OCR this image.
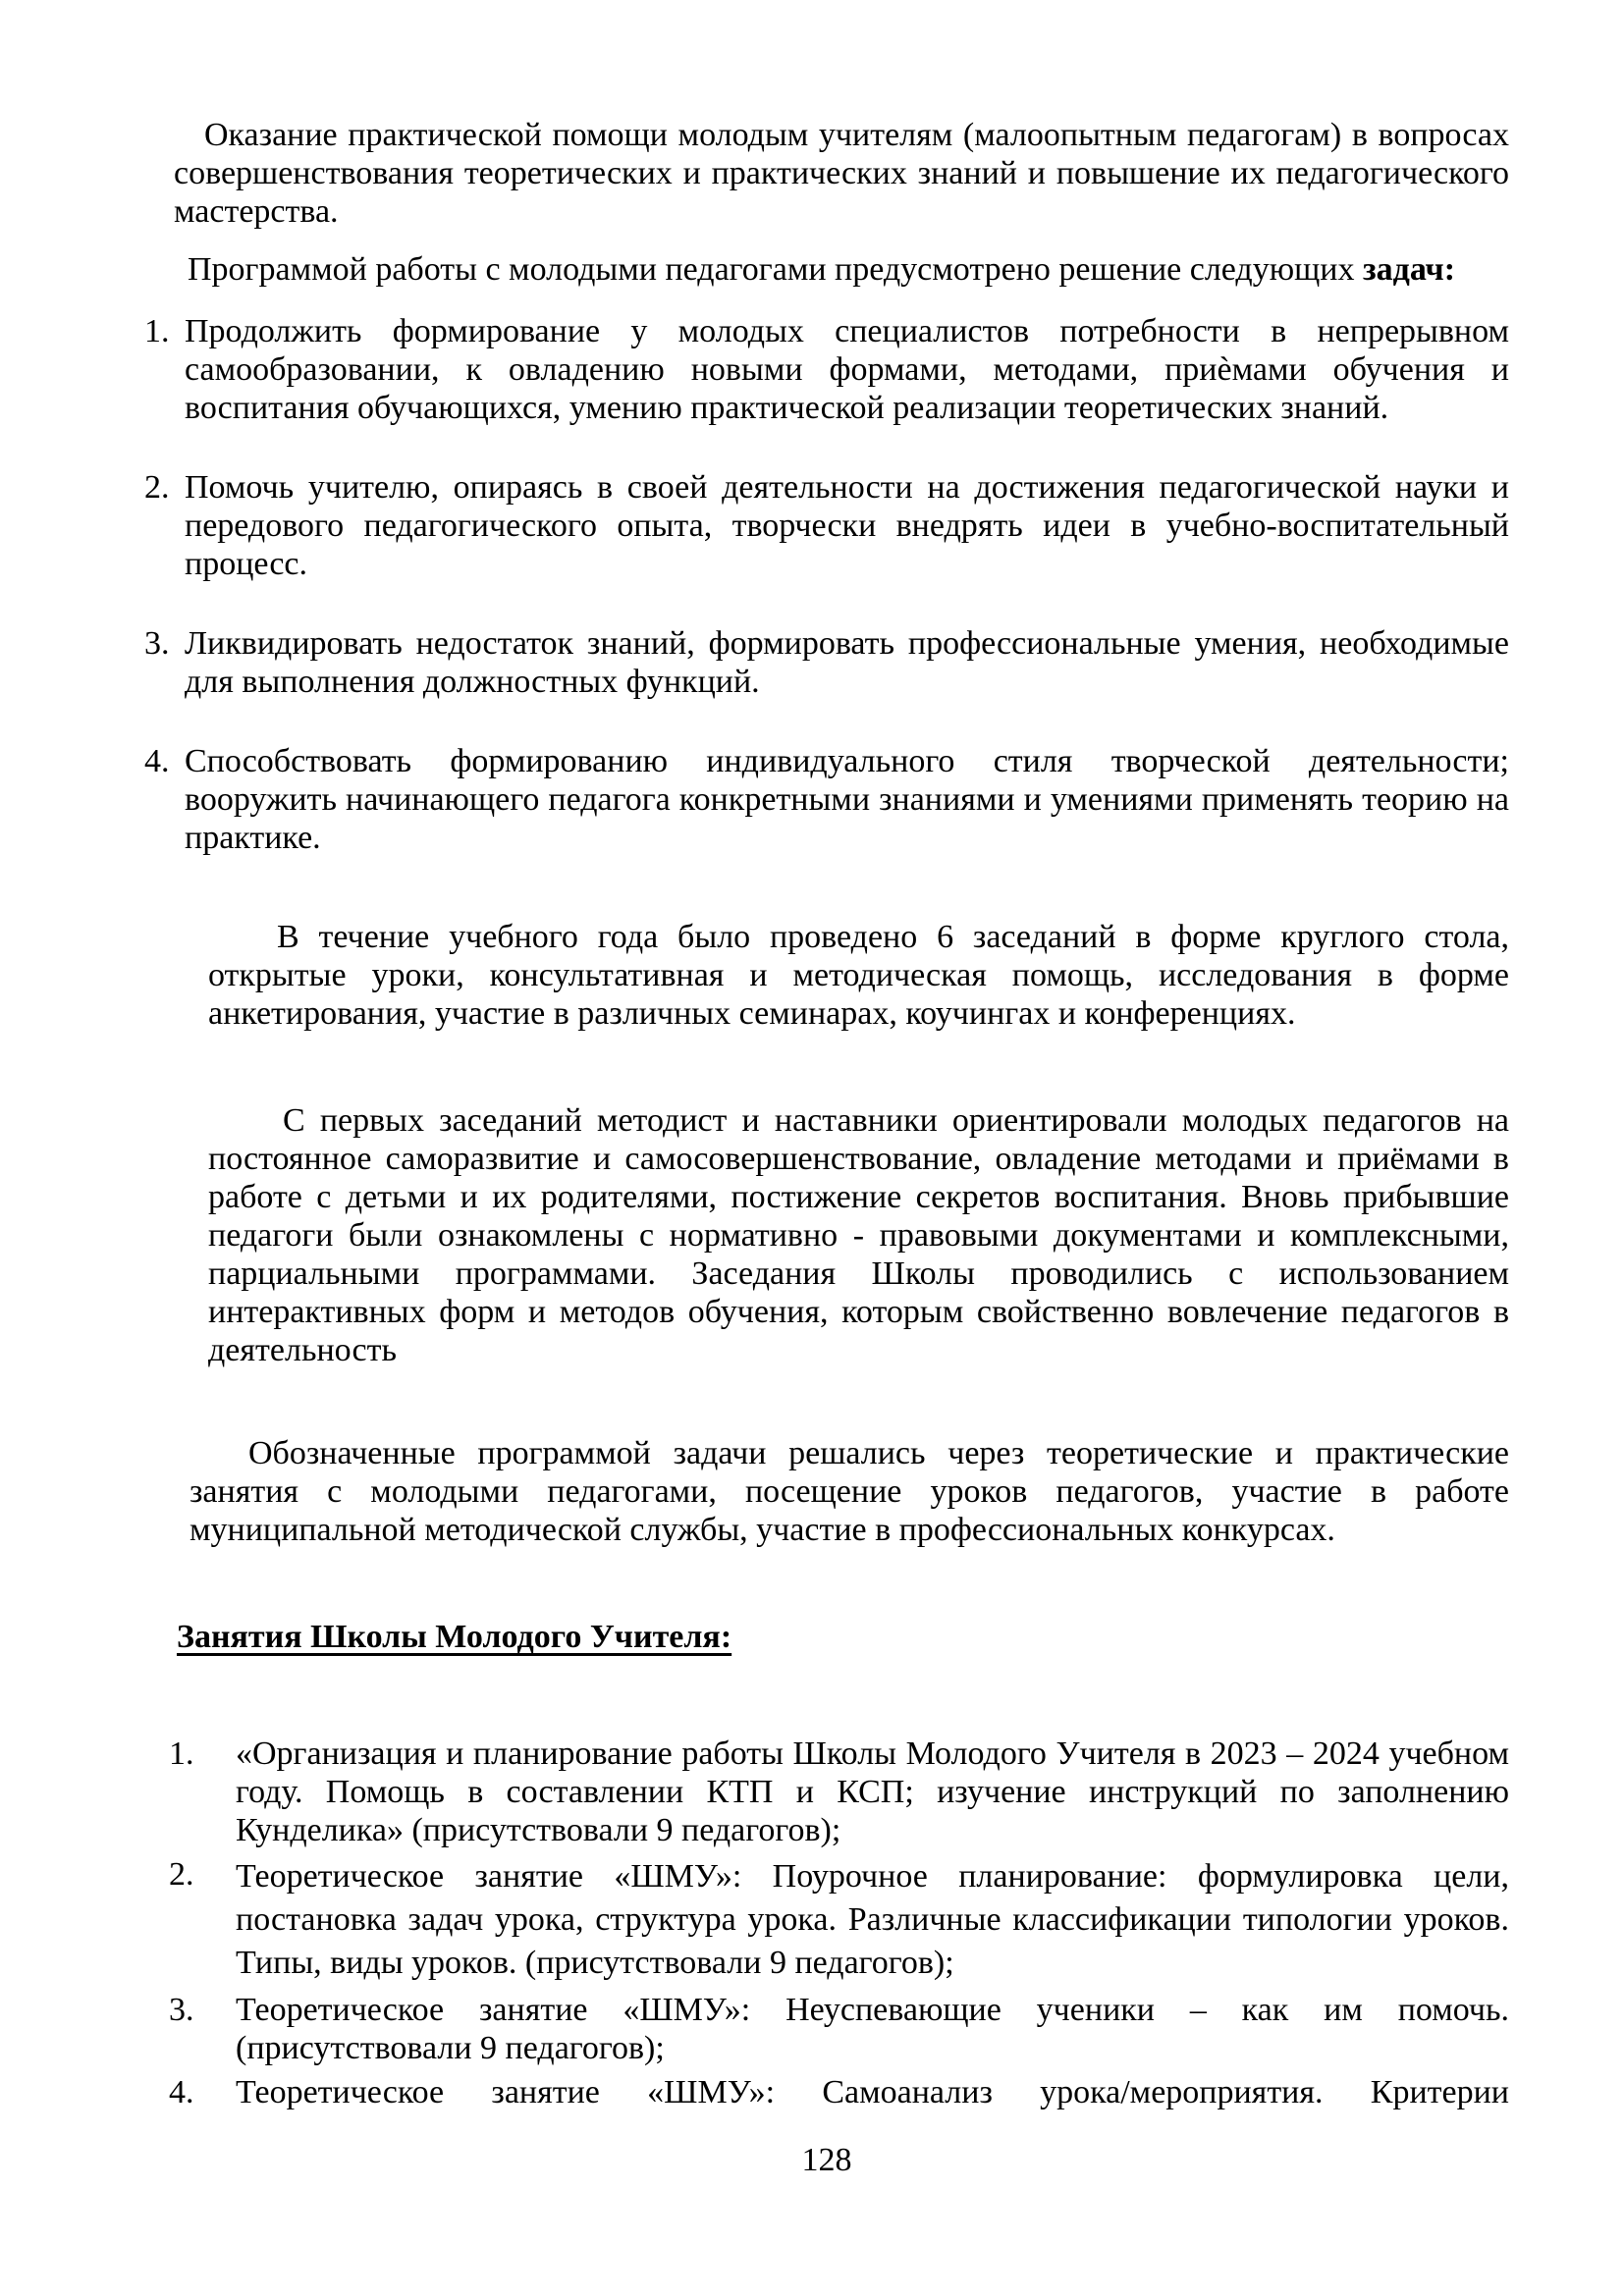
Оказание практической помощи молодым учителям (малоопытным педагогам) в вопросах совершенствования теоретических и практических знаний и повышение их педагогического мастерства.

Программой работы с молодыми педагогами предусмотрено решение следующих задач:

1. Продолжить формирование у молодых специалистов потребности в непрерывном самообразовании, к овладению новыми формами, методами, приѐмами обучения и воспитания обучающихся, умению практической реализации теоретических знаний.
2. Помочь учителю, опираясь в своей деятельности на достижения педагогической науки и передового педагогического опыта, творчески внедрять идеи в учебно-воспитательный процесс.
3. Ликвидировать недостаток знаний, формировать профессиональные умения, необходимые для выполнения должностных функций.
4. Способствовать формированию индивидуального стиля творческой деятельности; вооружить начинающего педагога конкретными знаниями и умениями применять теорию на практике.

В течение учебного года было проведено 6 заседаний в форме круглого стола, открытые уроки, консультативная и методическая помощь, исследования в форме анкетирования, участие в различных семинарах, коучингах и конференциях.

С первых заседаний методист и наставники ориентировали молодых педагогов на постоянное саморазвитие и самосовершенствование, овладение методами и приёмами в работе с детьми и их родителями, постижение секретов воспитания. Вновь прибывшие педагоги были ознакомлены с нормативно - правовыми документами и комплексными, парциальными программами. Заседания Школы проводились с использованием интерактивных форм и методов обучения, которым свойственно вовлечение педагогов в деятельность

Обозначенные программой задачи решались через теоретические и практические занятия с молодыми педагогами, посещение уроков педагогов, участие в работе муниципальной методической службы, участие в профессиональных конкурсах.

Занятия Школы Молодого Учителя:
1.	«Организация и планирование работы Школы Молодого Учителя в 2023 – 2024 учебном году. Помощь в составлении КТП и КСП; изучение инструкций по заполнению Кунделика» (присутствовали 9 педагогов);
2.	Теоретическое занятие «ШМУ»: Поурочное планирование: формулировка цели, постановка задач урока, структура урока. Различные классификации типологии уроков. Типы, виды уроков. (присутствовали 9 педагогов);
3.	Теоретическое занятие «ШМУ»: Неуспевающие ученики – как им помочь. (присутствовали 9 педагогов);
4.	Теоретическое занятие «ШМУ»: Самоанализ урока/мероприятия. Критерии
128
